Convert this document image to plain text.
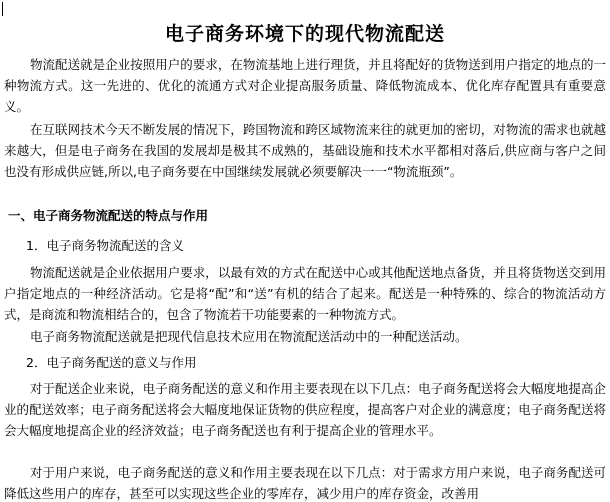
电子商务环境下的现代物流配送

物流配送就是企业按照用户的要求，在物流基地上进行理货，并且将配好的货物送到用户指定的地点的一种物流方式。这一先进的、优化的流通方式对企业提高服务质量、降低物流成本、优化库存配置具有重要意义。

在互联网技术今天不断发展的情况下，跨国物流和跨区域物流来往的就更加的密切，对物流的需求也就越来越大，但是电子商务在我国的发展却是极其不成熟的，基础设施和技术水平都相对落后,供应商与客户之间也没有形成供应链,所以,电子商务要在中国继续发展就必须要解决一一“物流瓶颈”。

一、电子商务物流配送的特点与作用
1．电子商务物流配送的含义

物流配送就是企业依据用户要求，以最有效的方式在配送中心或其他配送地点备货，并且将货物送交到用户指定地点的一种经济活动。它是将“配”和“送”有机的结合了起来。配送是一种特殊的、综合的物流活动方式，是商流和物流相结合的，包含了物流若干功能要素的一种物流方式。

电子商务物流配送就是把现代信息技术应用在物流配送活动中的一种配送活动。

2．电子商务配送的意义与作用

对于配送企业来说，电子商务配送的意义和作用主要表现在以下几点：电子商务配送将会大幅度地提高企业的配送效率；电子商务配送将会大幅度地保证货物的供应程度，提高客户对企业的满意度；电子商务配送将会大幅度地提高企业的经济效益；电子商务配送也有利于提高企业的管理水平。

对于用户来说，电子商务配送的意义和作用主要表现在以下几点：对于需求方用户来说，电子商务配送可降低这些用户的库存，甚至可以实现这些企业的零库存，减少用户的库存资金，改善用
